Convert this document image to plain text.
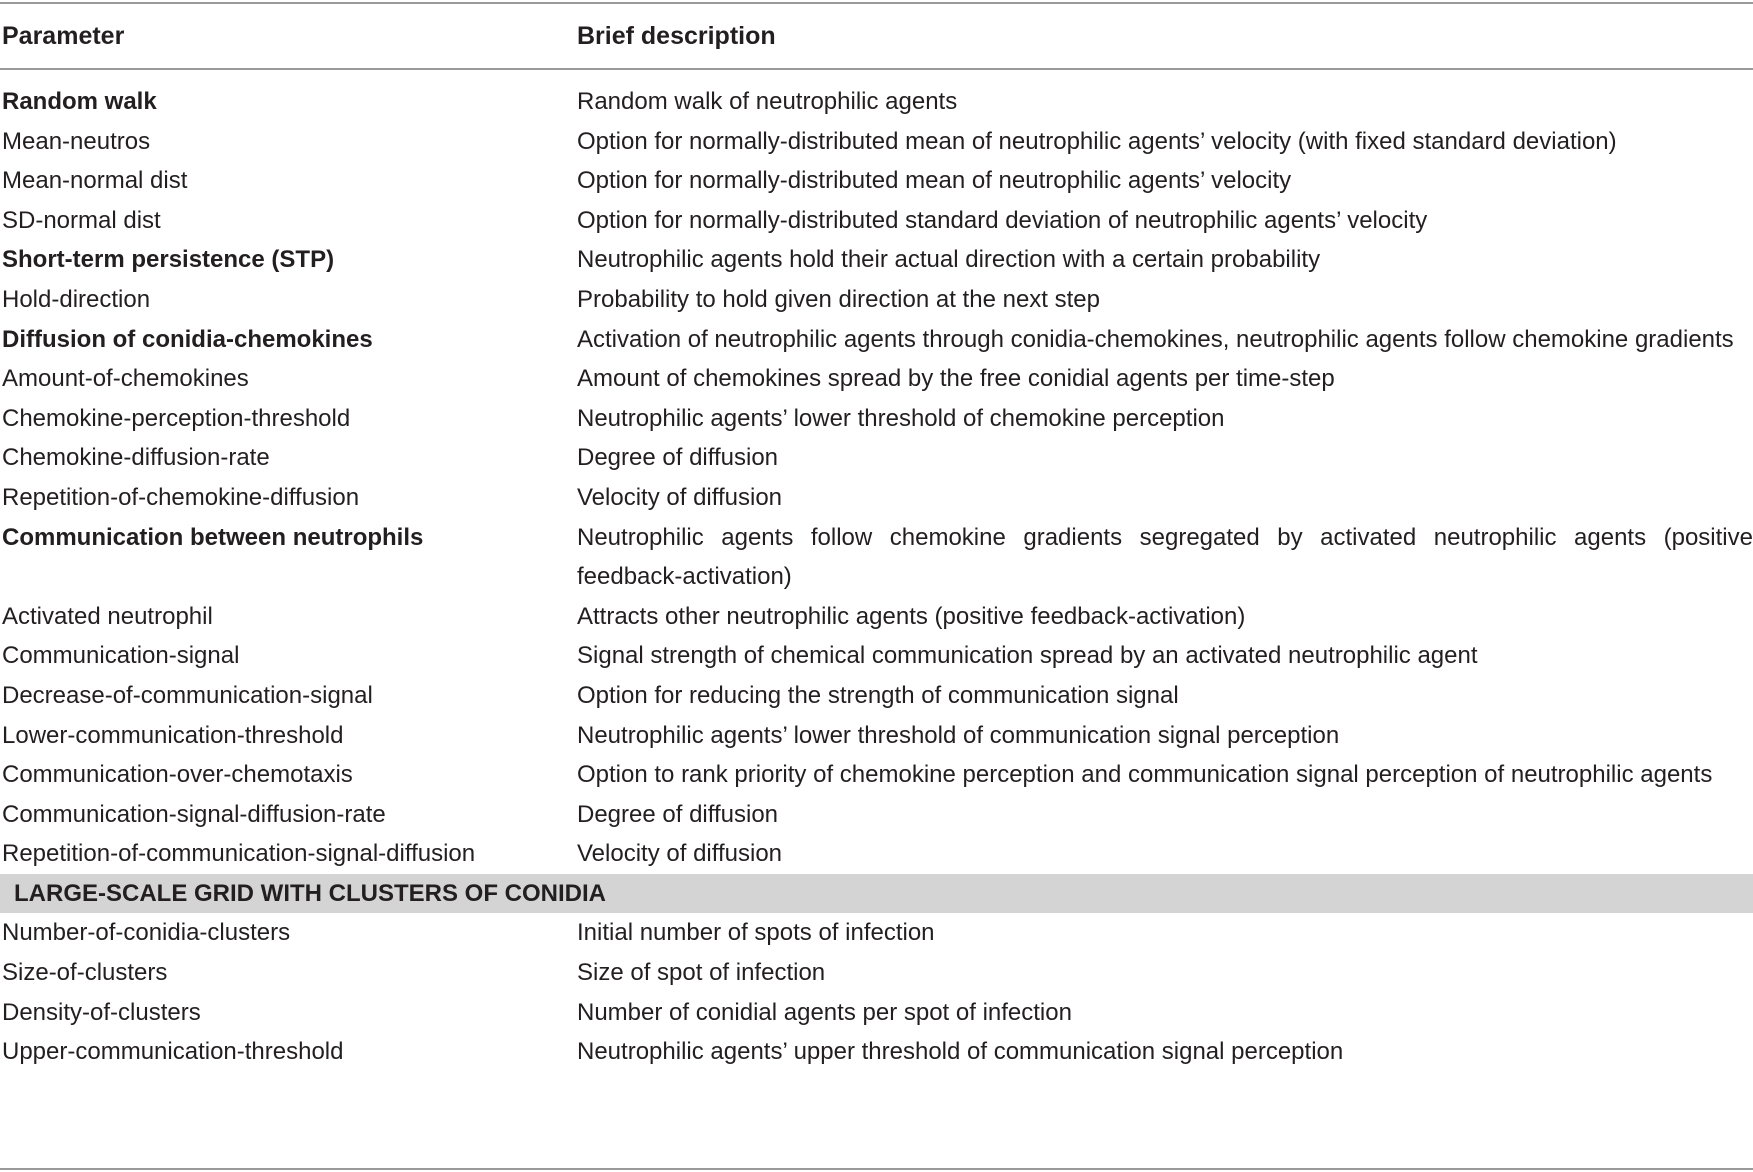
Parameter	Brief description
Random walk	Random walk of neutrophilic agents
Mean-neutros	Option for normally-distributed mean of neutrophilic agents’ velocity (with fixed standard deviation)
Mean-normal dist	Option for normally-distributed mean of neutrophilic agents’ velocity
SD-normal dist	Option for normally-distributed standard deviation of neutrophilic agents’ velocity
Short-term persistence (STP)	Neutrophilic agents hold their actual direction with a certain probability
Hold-direction	Probability to hold given direction at the next step
Diffusion of conidia-chemokines	Activation of neutrophilic agents through conidia-chemokines, neutrophilic agents follow chemokine gradients
Amount-of-chemokines	Amount of chemokines spread by the free conidial agents per time-step
Chemokine-perception-threshold	Neutrophilic agents’ lower threshold of chemokine perception
Chemokine-diffusion-rate	Degree of diffusion
Repetition-of-chemokine-diffusion	Velocity of diffusion
Communication between neutrophils	Neutrophilic agents follow chemokine gradients segregated by activated neutrophilic agents (positive feedback-activation)
Activated neutrophil	Attracts other neutrophilic agents (positive feedback-activation)
Communication-signal	Signal strength of chemical communication spread by an activated neutrophilic agent
Decrease-of-communication-signal	Option for reducing the strength of communication signal
Lower-communication-threshold	Neutrophilic agents’ lower threshold of communication signal perception
Communication-over-chemotaxis	Option to rank priority of chemokine perception and communication signal perception of neutrophilic agents
Communication-signal-diffusion-rate	Degree of diffusion
Repetition-of-communication-signal-diffusion	Velocity of diffusion
LARGE-SCALE GRID WITH CLUSTERS OF CONIDIA	
Number-of-conidia-clusters	Initial number of spots of infection
Size-of-clusters	Size of spot of infection
Density-of-clusters	Number of conidial agents per spot of infection
Upper-communication-threshold	Neutrophilic agents’ upper threshold of communication signal perception
